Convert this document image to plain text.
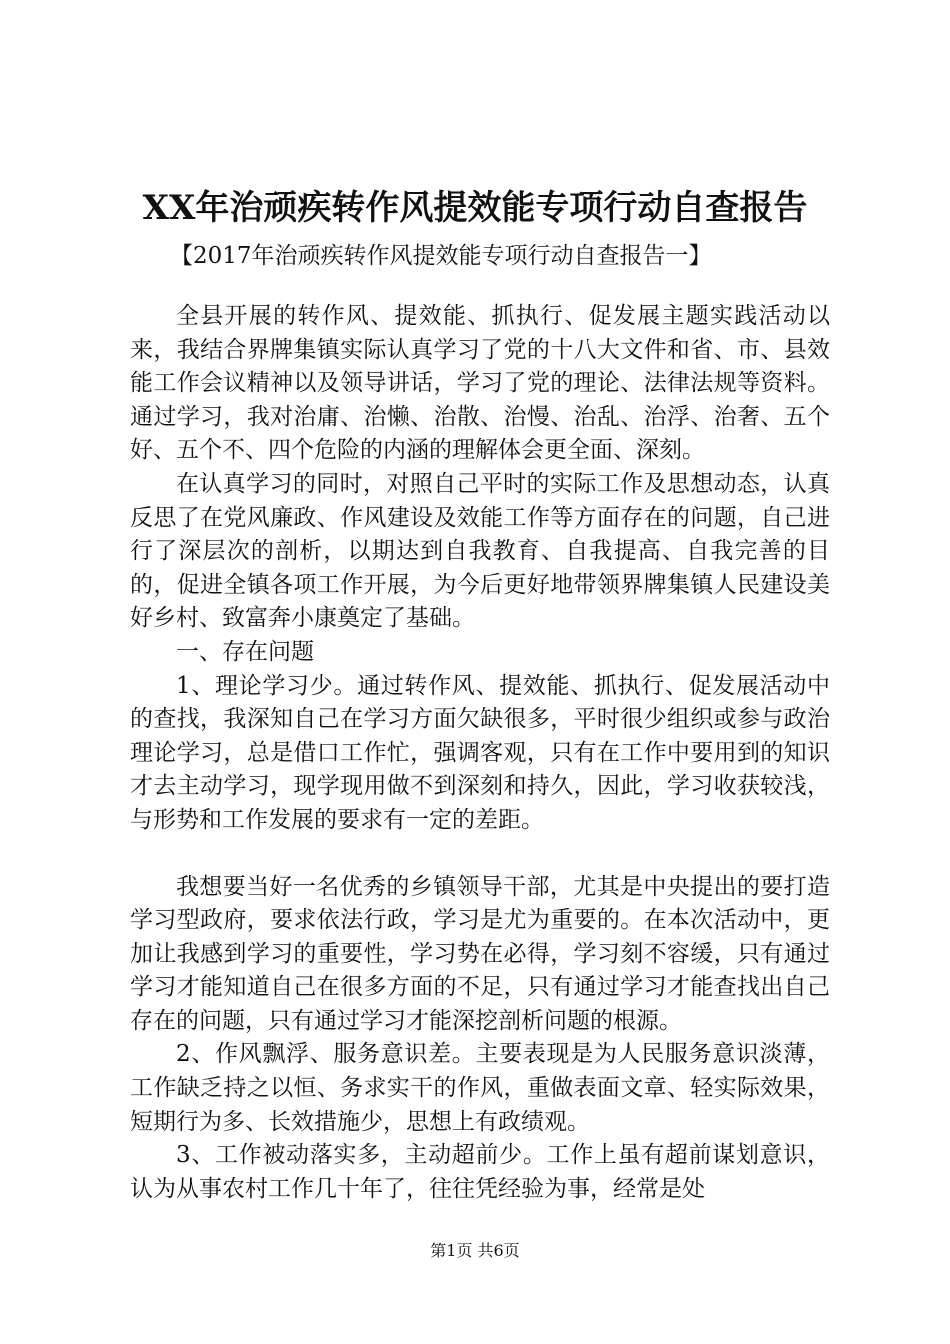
XX年治顽疾转作风提效能专项行动自查报告
【2017年治顽疾转作风提效能专项行动自查报告一】

全县开展的转作风、提效能、抓执行、促发展主题实践活动以来，我结合界牌集镇实际认真学习了党的十八大文件和省、市、县效能工作会议精神以及领导讲话，学习了党的理论、法律法规等资料。通过学习，我对治庸、治懒、治散、治慢、治乱、治浮、治奢、五个好、五个不、四个危险的内涵的理解体会更全面、深刻。

在认真学习的同时，对照自己平时的实际工作及思想动态，认真反思了在党风廉政、作风建设及效能工作等方面存在的问题，自己进行了深层次的剖析，以期达到自我教育、自我提高、自我完善的目的，促进全镇各项工作开展，为今后更好地带领界牌集镇人民建设美好乡村、致富奔小康奠定了基础。

一、存在问题

1、理论学习少。通过转作风、提效能、抓执行、促发展活动中的查找，我深知自己在学习方面欠缺很多，平时很少组织或参与政治理论学习，总是借口工作忙，强调客观，只有在工作中要用到的知识才去主动学习，现学现用做不到深刻和持久，因此，学习收获较浅，与形势和工作发展的要求有一定的差距。

我想要当好一名优秀的乡镇领导干部，尤其是中央提出的要打造学习型政府，要求依法行政，学习是尤为重要的。在本次活动中，更加让我感到学习的重要性，学习势在必得，学习刻不容缓，只有通过学习才能知道自己在很多方面的不足，只有通过学习才能查找出自己存在的问题，只有通过学习才能深挖剖析问题的根源。

2、作风飘浮、服务意识差。主要表现是为人民服务意识淡薄，工作缺乏持之以恒、务求实干的作风，重做表面文章、轻实际效果，短期行为多、长效措施少，思想上有政绩观。

3、工作被动落实多，主动超前少。工作上虽有超前谋划意识，认为从事农村工作几十年了，往往凭经验为事，经常是处

第1页 共6页
